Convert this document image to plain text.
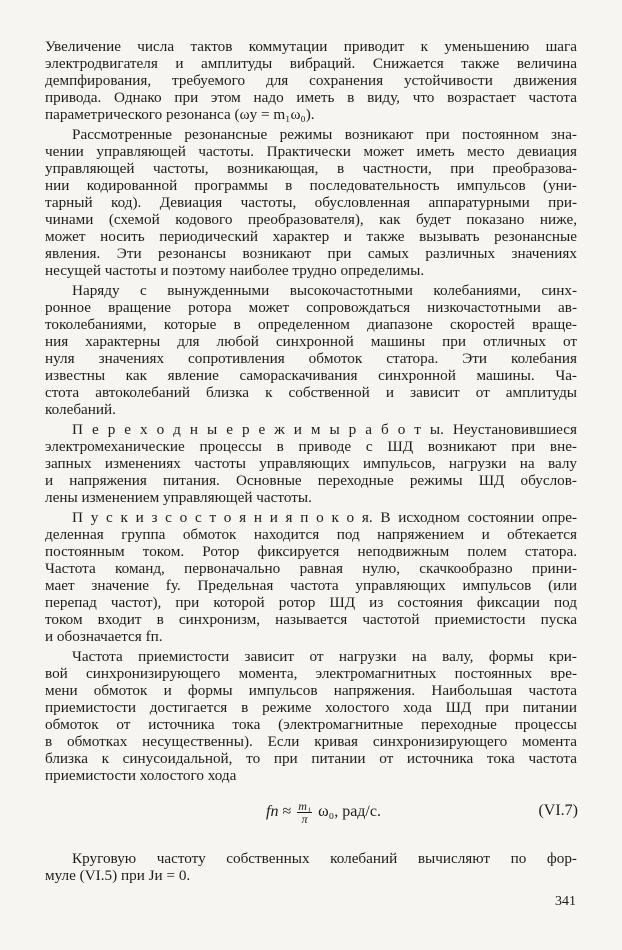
Увеличение числа тактов коммутации приводит к уменьшению шага
электродвигателя и амплитуды вибраций. Снижается также величина
демпфирования, требуемого для сохранения устойчивости движения
привода. Однако при этом надо иметь в виду, что возрастает частота
параметрического резонанса (ωу = m₁ω₀).
Рассмотренные резонансные режимы возникают при постоянном зна-
чении управляющей частоты. Практически может иметь место девиация
управляющей частоты, возникающая, в частности, при преобразова-
нии кодированной программы в последовательность импульсов (уни-
тарный код). Девиация частоты, обусловленная аппаратурными при-
чинами (схемой кодового преобразователя), как будет показано ниже,
может носить периодический характер и также вызывать резонансные
явления. Эти резонансы возникают при самых различных значениях
несущей частоты и поэтому наиболее трудно определимы.
Наряду с вынужденными высокочастотными колебаниями, синх-
ронное вращение ротора может сопровождаться низкочастотными ав-
токолебаниями, которые в определенном диапазоне скоростей враще-
ния характерны для любой синхронной машины при отличных от
нуля значениях сопротивления обмоток статора. Эти колебания
известны как явление самораскачивания синхронной машины. Ча-
стота автоколебаний близка к собственной и зависит от амплитуды
колебаний.
П е р е х о д н ы е р е ж и м ы р а б о т ы. Неустановившиеся
электромеханические процессы в приводе с ШД возникают при вне-
запных изменениях частоты управляющих импульсов, нагрузки на валу
и напряжения питания. Основные переходные режимы ШД обуслов-
лены изменением управляющей частоты.
П у с к и з с о с т о я н и я п о к о я. В исходном состоянии опре-
деленная группа обмоток находится под напряжением и обтекается
постоянным током. Ротор фиксируется неподвижным полем статора.
Частота команд, первоначально равная нулю, скачкообразно прини-
мает значение fу. Предельная частота управляющих импульсов (или
перепад частот), при которой ротор ШД из состояния фиксации под
током входит в синхронизм, называется частотой приемистости пуска
и обозначается fп.
Частота приемистости зависит от нагрузки на валу, формы кри-
вой синхронизирующего момента, электромагнитных постоянных вре-
мени обмоток и формы импульсов напряжения. Наибольшая частота
приемистости достигается в режиме холостого хода ШД при питании
обмоток от источника тока (электромагнитные переходные процессы
в обмотках несущественны). Если кривая синхронизирующего момента
близка к синусоидальной, то при питании от источника тока частота
приемистости холостого хода
fп ≈ $\frac{\text{m₁}}{\pi} \omega_0$, рад/с.	(VI.7)
Круговую частоту собственных колебаний вычисляют по фор-
муле (VI.5) при Jи = 0.
341
